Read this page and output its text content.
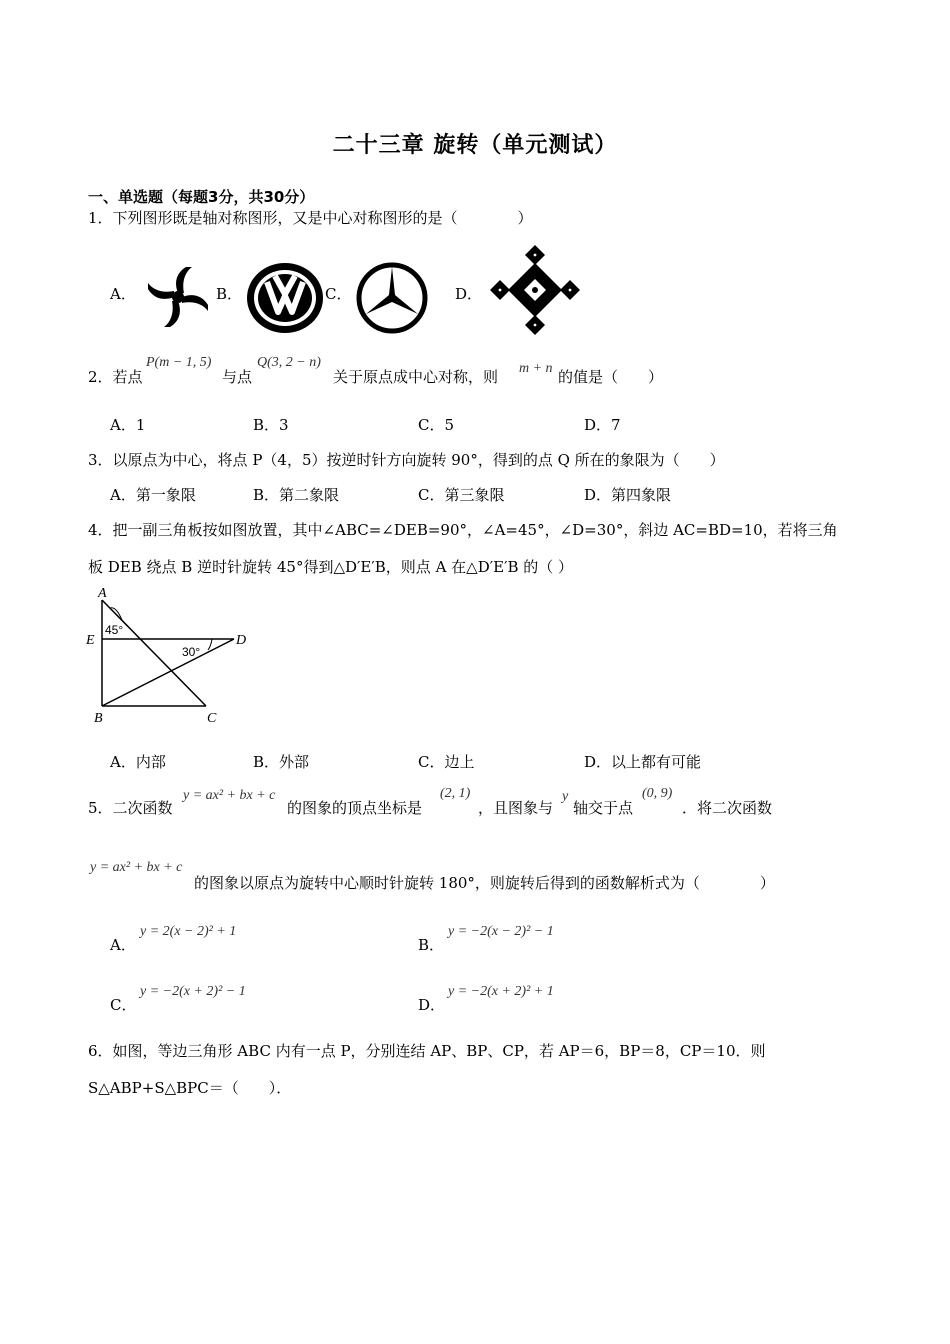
二十三章 旋转（单元测试）
一、单选题（每题3分，共30分）
1．下列图形既是轴对称图形，又是中心对称图形的是（　　　　）
A．	B．	C．	D．
2．若点
P(m − 1, 5)
与点
Q(3, 2 − n)
关于原点成中心对称，则 m + n 的值是（　　）
A．1	B．3	C．5	D．7
3．以原点为中心，将点 P（4，5）按逆时针方向旋转 90°，得到的点 Q 所在的象限为（　　）
A．第一象限	B．第二象限	C．第三象限	D．第四象限
4．把一副三角板按如图放置，其中∠ABC=∠DEB=90°，∠A=45°，∠D=30°，斜边 AC=BD=10，若将三角
板 DEB 绕点 B 逆时针旋转 45°得到△D′E′B，则点 A 在△D′E′B 的（ ）
A
E	D
B	C
45°
30°
A．内部	B．外部	C．边上	D．以上都有可能
5．二次函数
y = ax² + bx + c
的图象的顶点坐标是
(2, 1)
，且图象与
y
轴交于点
(0, 9)
．将二次函数
y = ax² + bx + c
的图象以原点为旋转中心顺时针旋转 180°，则旋转后得到的函数解析式为（　　　　）
A．
y = 2(x − 2)² + 1
B．
y = −2(x − 2)² − 1
C．
y = −2(x + 2)² − 1
D．
y = −2(x + 2)² + 1
6．如图，等边三角形 ABC 内有一点 P，分别连结 AP、BP、CP，若 AP＝6，BP＝8，CP＝10．则
S△ABP+S△BPC＝（　　）．
